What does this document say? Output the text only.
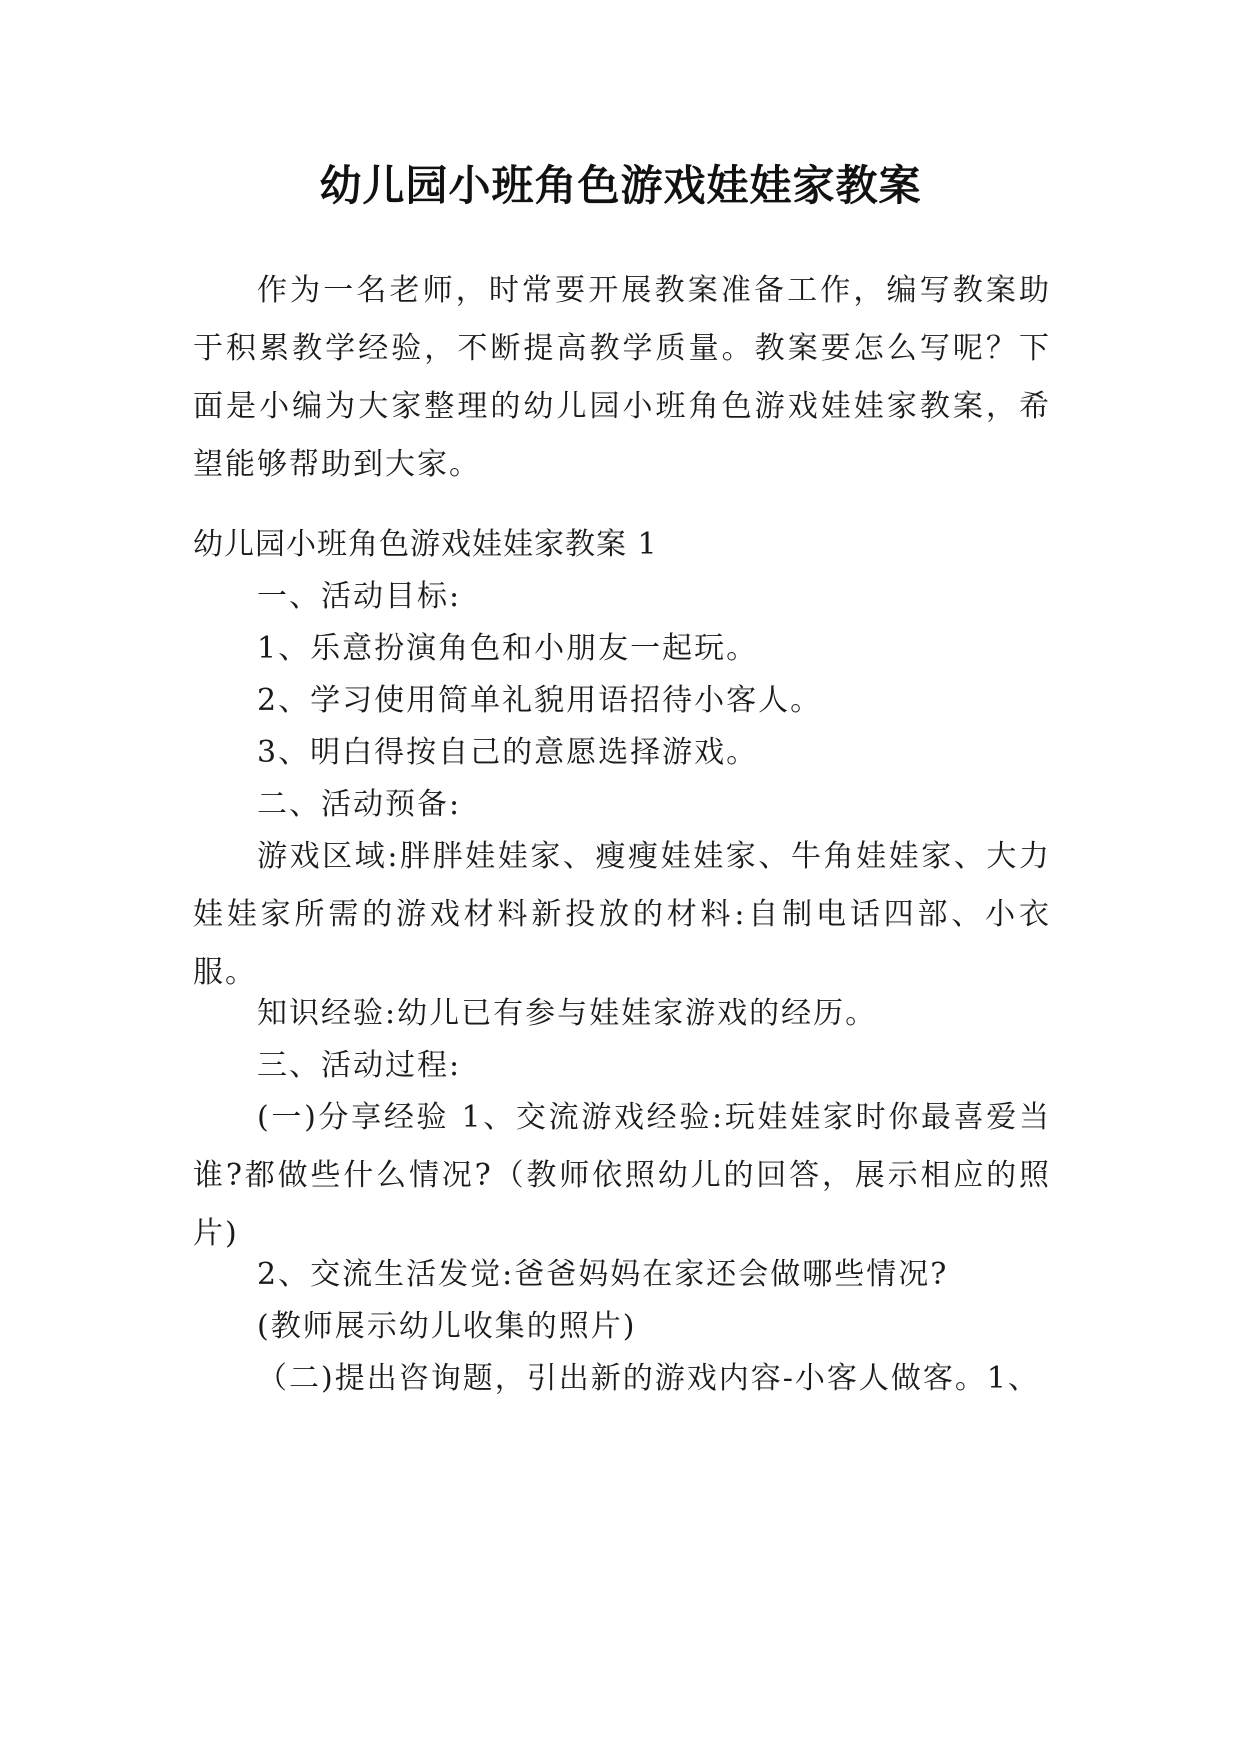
幼儿园小班角色游戏娃娃家教案

作为一名老师，时常要开展教案准备工作，编写教案助于积累教学经验，不断提高教学质量。教案要怎么写呢？下面是小编为大家整理的幼儿园小班角色游戏娃娃家教案，希望能够帮助到大家。

幼儿园小班角色游戏娃娃家教案 1

一、活动目标:

1、乐意扮演角色和小朋友一起玩。

2、学习使用简单礼貌用语招待小客人。

3、明白得按自己的意愿选择游戏。

二、活动预备:

游戏区域:胖胖娃娃家、瘦瘦娃娃家、牛角娃娃家、大力娃娃家所需的游戏材料新投放的材料:自制电话四部、小衣服。

知识经验:幼儿已有参与娃娃家游戏的经历。

三、活动过程:

(一)分享经验 1、交流游戏经验:玩娃娃家时你最喜爱当谁?都做些什么情况?（教师依照幼儿的回答，展示相应的照片)

2、交流生活发觉:爸爸妈妈在家还会做哪些情况?

(教师展示幼儿收集的照片)

（二)提出咨询题，引出新的游戏内容-小客人做客。1、
